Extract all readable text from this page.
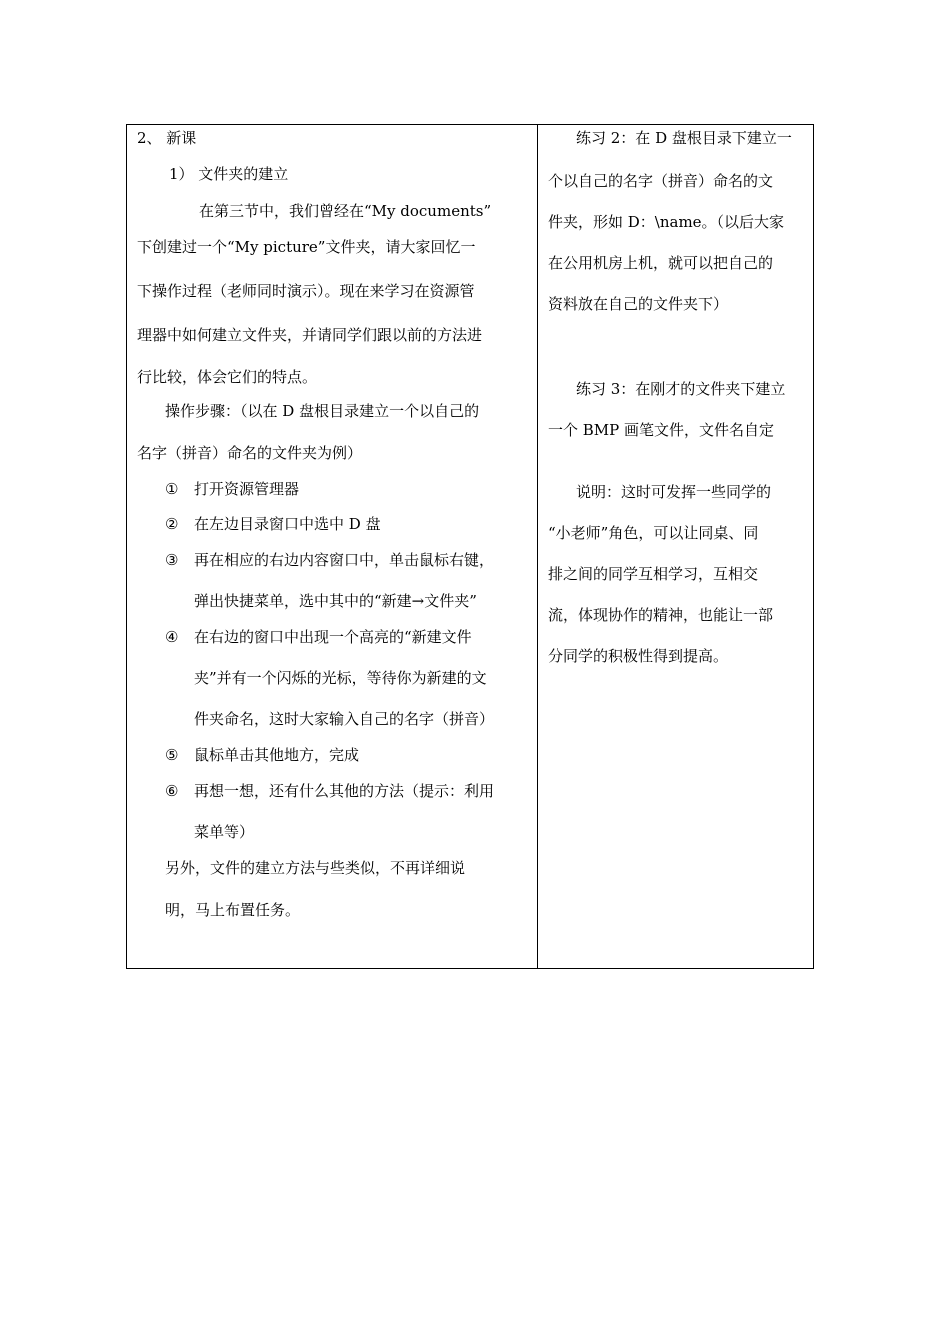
2、 新课
1） 文件夹的建立
在第三节中，我们曾经在“My documents”
下创建过一个“My picture”文件夹，请大家回忆一
下操作过程（老师同时演示）。现在来学习在资源管
理器中如何建立文件夹，并请同学们跟以前的方法进
行比较，体会它们的特点。
操作步骤：（以在 D 盘根目录建立一个以自己的
名字（拼音）命名的文件夹为例）
① 打开资源管理器
② 在左边目录窗口中选中 D 盘
③ 再在相应的右边内容窗口中，单击鼠标右键，
弹出快捷菜单，选中其中的“新建→文件夹”
④ 在右边的窗口中出现一个高亮的“新建文件
夹”并有一个闪烁的光标，等待你为新建的文
件夹命名，这时大家输入自己的名字（拼音）
⑤ 鼠标单击其他地方，完成
⑥ 再想一想，还有什么其他的方法（提示：利用
菜单等）
另外，文件的建立方法与些类似，不再详细说
明，马上布置任务。
练习 2：在 D 盘根目录下建立一
个以自己的名字（拼音）命名的文
件夹，形如 D：\name。（以后大家
在公用机房上机，就可以把自己的
资料放在自己的文件夹下）
练习 3：在刚才的文件夹下建立
一个 BMP 画笔文件，文件名自定
说明：这时可发挥一些同学的
“小老师”角色，可以让同桌、同
排之间的同学互相学习，互相交
流，体现协作的精神，也能让一部
分同学的积极性得到提高。
